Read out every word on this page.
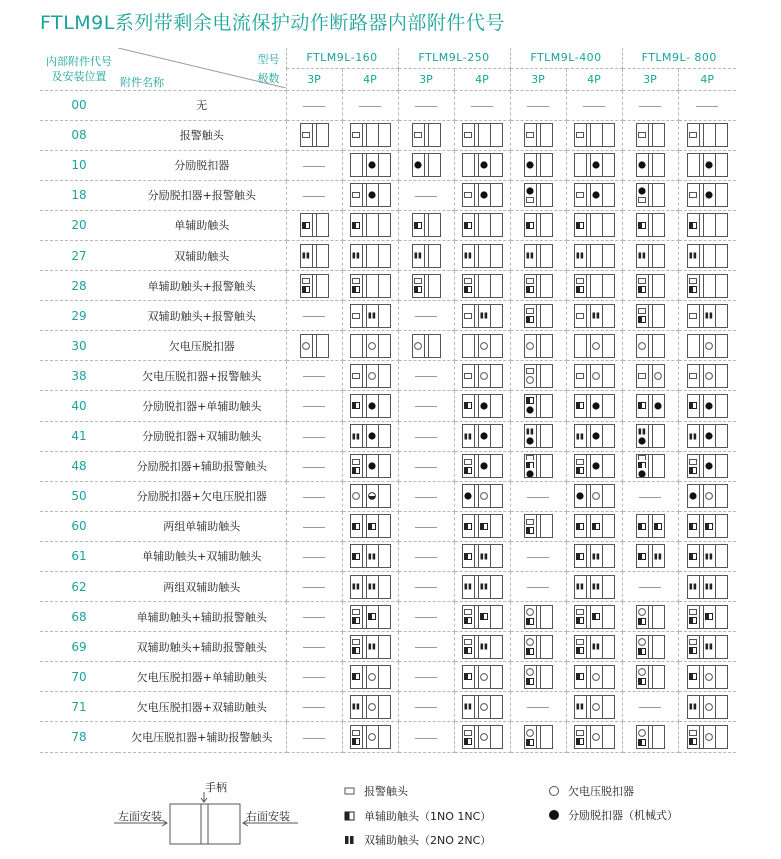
FTLM9L系列带剩余电流保护动作断路器内部附件代号
内部附件代号及安装位置	型号
极数
附件名称	FTLM9L-160		FTLM9L-250		FTLM9L-400		FTLM9L- 800	
		3P	4P	3P	4P	3P	4P	3P	4P
00	无								
08	报警触头	

10	分励脱扣器		

18	分励脱扣器+报警触头		

20	单辅助触头	

27	双辅助触头	

28	单辅助触头+报警触头	

29	双辅助触头+报警触头		

30	欠电压脱扣器	

38	欠电压脱扣器+报警触头		

40	分励脱扣器+单辅助触头		

41	分励脱扣器+双辅助触头		

48	分励脱扣器+辅助报警触头		

50	分励脱扣器+欠电压脱扣器		

60	两组单辅助触头		

61	单辅助触头+双辅助触头		

62	两组双辅助触头		

68	单辅助触头+辅助报警触头		

69	双辅助触头+辅助报警触头		

70	欠电压脱扣器+单辅助触头		

71	欠电压脱扣器+双辅助触头		

78	欠电压脱扣器+辅助报警触头		

手柄
左面安装	右面安装
报警触头
单辅助触头（1NO 1NC）
双辅助触头（2NO 2NC）
欠电压脱扣器
分励脱扣器（机械式）
